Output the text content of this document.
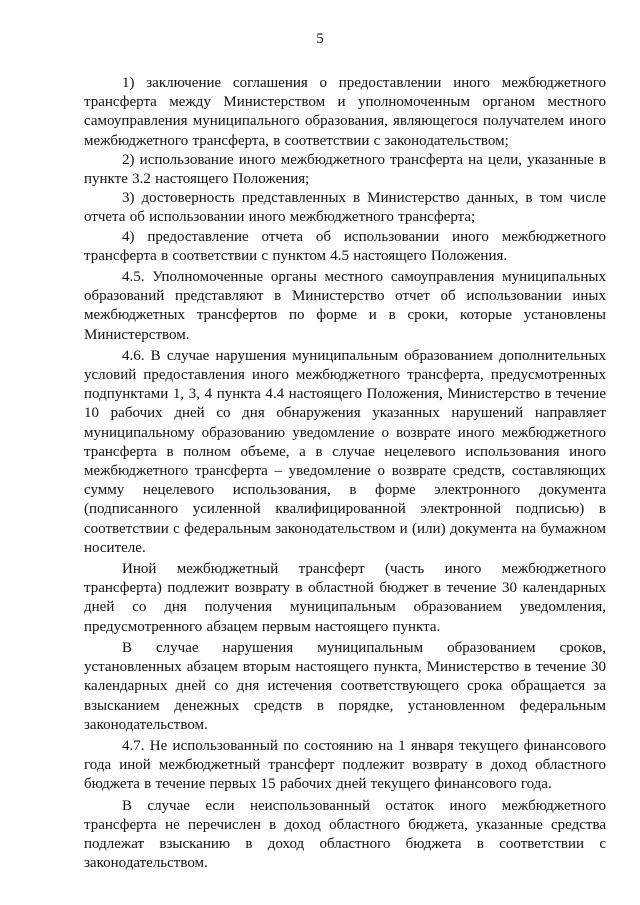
5

1) заключение соглашения о предоставлении иного межбюджетного трансферта между Министерством и уполномоченным органом местного самоуправления муниципального образования, являющегося получателем иного межбюджетного трансферта, в соответствии с законодательством;

2) использование иного межбюджетного трансферта на цели, указанные в пункте 3.2 настоящего Положения;

3) достоверность представленных в Министерство данных, в том числе отчета об использовании иного межбюджетного трансферта;

4) предоставление отчета об использовании иного межбюджетного трансферта в соответствии с пунктом 4.5 настоящего Положения.

4.5. Уполномоченные органы местного самоуправления муниципальных образований представляют в Министерство отчет об использовании иных межбюджетных трансфертов по форме и в сроки, которые установлены Министерством.

4.6. В случае нарушения муниципальным образованием дополнительных условий предоставления иного межбюджетного трансферта, предусмотренных подпунктами 1, 3, 4 пункта 4.4 настоящего Положения, Министерство в течение 10 рабочих дней со дня обнаружения указанных нарушений направляет муниципальному образованию уведомление о возврате иного межбюджетного трансферта в полном объеме, а в случае нецелевого использования иного межбюджетного трансферта – уведомление о возврате средств, составляющих сумму нецелевого использования, в форме электронного документа (подписанного усиленной квалифицированной электронной подписью) в соответствии с федеральным законодательством и (или) документа на бумажном носителе.

Иной межбюджетный трансферт (часть иного межбюджетного трансферта) подлежит возврату в областной бюджет в течение 30 календарных дней со дня получения муниципальным образованием уведомления, предусмотренного абзацем первым настоящего пункта.

В случае нарушения муниципальным образованием сроков, установленных абзацем вторым настоящего пункта, Министерство в течение 30 календарных дней со дня истечения соответствующего срока обращается за взысканием денежных средств в порядке, установленном федеральным законодательством.

4.7. Не использованный по состоянию на 1 января текущего финансового года иной межбюджетный трансферт подлежит возврату в доход областного бюджета в течение первых 15 рабочих дней текущего финансового года.

В случае если неиспользованный остаток иного межбюджетного трансферта не перечислен в доход областного бюджета, указанные средства подлежат взысканию в доход областного бюджета в соответствии с законодательством.
